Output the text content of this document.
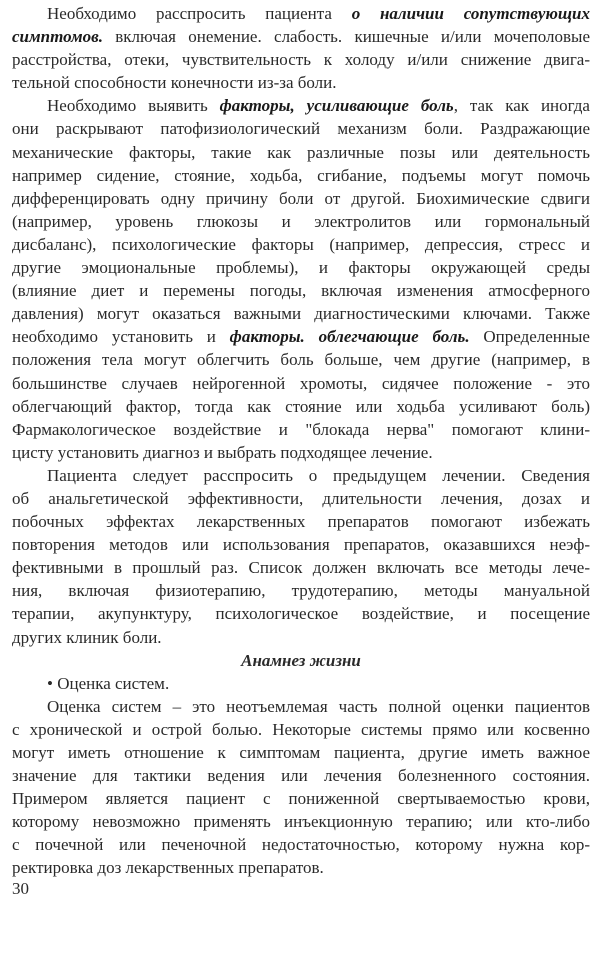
Необходимо расспросить пациента о наличии сопутствующих
симптомов. включая онемение. слабость. кишечные и/или мочеполовые
расстройства, отеки, чувствительность к холоду и/или снижение двига-
тельной способности конечности из-за боли.
Необходимо выявить факторы, усиливающие боль, так как иногда
они раскрывают патофизиологический механизм боли. Раздражающие
механические факторы, такие как различные позы или деятельность
например сидение, стояние, ходьба, сгибание, подъемы могут помочь
дифференцировать одну причину боли от другой. Биохимические сдвиги
(например, уровень глюкозы и электролитов или гормональный
дисбаланс), психологические факторы (например, депрессия, стресс и
другие эмоциональные проблемы), и факторы окружающей среды
(влияние диет и перемены погоды, включая изменения атмосферного
давления) могут оказаться важными диагностическими ключами. Также
необходимо установить и факторы. облегчающие боль. Определенные
положения тела могут облегчить боль больше, чем другие (например, в
большинстве случаев нейрогенной хромоты, сидячее положение - это
облегчающий фактор, тогда как стояние или ходьба усиливают боль)
Фармакологическое воздействие и "блокада нерва" помогают клини-
цисту установить диагноз и выбрать подходящее лечение.
Пациента следует расспросить о предыдущем лечении. Сведения
об анальгетической эффективности, длительности лечения, дозах и
побочных эффектах лекарственных препаратов помогают избежать
повторения методов или использования препаратов, оказавшихся неэф-
фективными в прошлый раз. Список должен включать все методы лече-
ния, включая физиотерапию, трудотерапию, методы мануальной
терапии, акупунктуру, психологическое воздействие, и посещение
других клиник боли.
Анамнез жизни
• Оценка систем.
Оценка систем – это неотъемлемая часть полной оценки пациентов
с хронической и острой болью. Некоторые системы прямо или косвенно
могут иметь отношение к симптомам пациента, другие иметь важное
значение для тактики ведения или лечения болезненного состояния.
Примером является пациент с пониженной свертываемостью крови,
которому невозможно применять инъекционную терапию; или кто-либо
с почечной или печеночной недостаточностью, которому нужна кор-
ректировка доз лекарственных препаратов.
30
